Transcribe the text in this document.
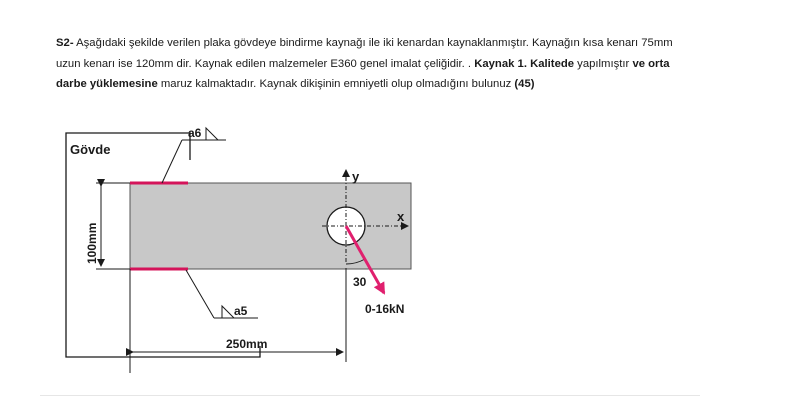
S2- Aşağıdaki şekilde verilen plaka gövdeye bindirme kaynağı ile iki kenardan kaynaklanmıştır. Kaynağın kısa kenarı 75mm uzun kenarı ise 120mm dir. Kaynak edilen malzemeler E360 genel imalat çeliğidir. . Kaynak 1. Kalitede yapılmıştır ve orta darbe yüklemesine maruz kalmaktadır. Kaynak dikişinin emniyetli olup olmadığını bulunuz (45)

Gövde
a6
a5
100mm
250mm
y
x
30
0-16kN
